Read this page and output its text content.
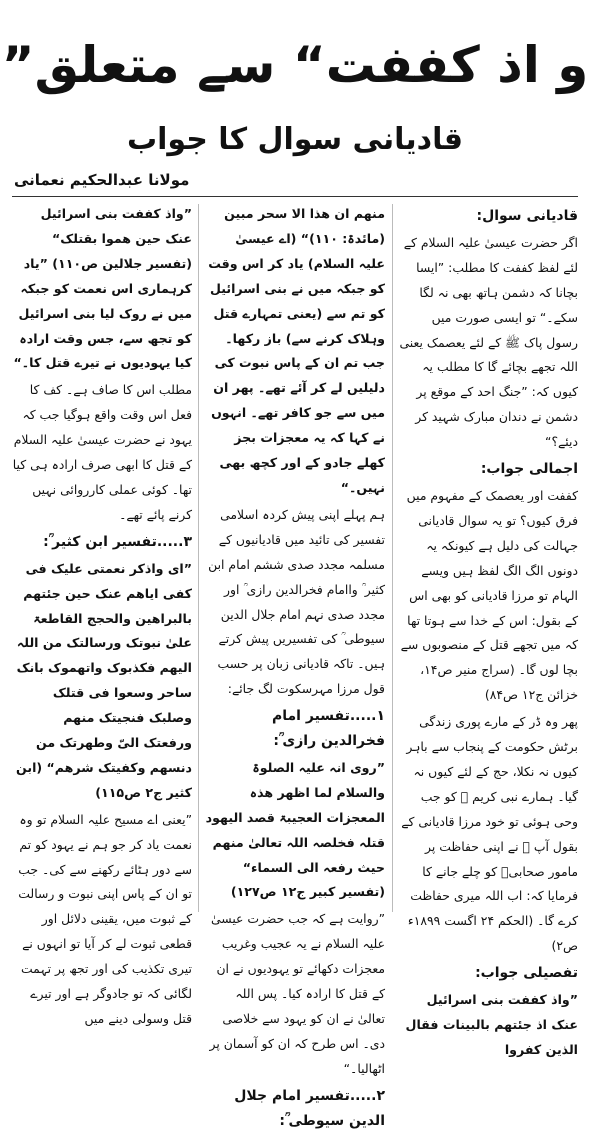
”و اذ کففت“ سے متعلق
قادیانی سوال کا جواب
مولانا عبدالحکیم نعمانی

قادیانی سوال:

اگر حضرت عیسیٰ علیہ السلام کے لئے لفظ کففت کا مطلب: ”ایسا بچانا کہ دشمن ہاتھ بھی نہ لگا سکے۔“ تو ایسی صورت میں رسول پاک ﷺ کے لئے یعصمک یعنی اللہ تجھے بچائے گا کا مطلب یہ کیوں کہ: ”جنگ احد کے موقع پر دشمن نے دندان مبارک شہید کر دیئے؟“

اجمالی جواب:

کففت اور یعصمک کے مفہوم میں فرق کیوں؟ تو یہ سوال قادیانی جہالت کی دلیل ہے کیونکہ یہ دونوں الگ الگ لفظ ہیں ویسے الہام تو مرزا قادیانی کو بھی اس کے بقول: اس کے خدا سے ہوتا تھا کہ میں تجھے قتل کے منصوبوں سے بچا لوں گا۔ (سراج منیر ص۱۴، خزائن ج۱۲ ص۸۴)

پھر وہ ڈر کے مارے پوری زندگی برٹش حکومت کے پنجاب سے باہر کیوں نہ نکلا، حج کے لئے کیوں نہ گیا۔ ہمارے نبی کریم ﷺ کو جب وحی ہوئی تو خود مرزا قادیانی کے بقول آپ ﷺ نے اپنی حفاظت پر مامور صحابیؓ کو چلے جانے کا فرمایا کہ: اب اللہ میری حفاظت کرے گا۔ (الحکم ۲۴ اگست ۱۸۹۹ء ص۲)

تفصیلی جواب:

”واذ کففت بنی اسرائیل عنک اذ جئتھم بالبینات فقال الذین کفروا

منھم ان ھذا الا سحر مبین (مائدۃ: ۱۱۰)“ (اے عیسیٰ علیہ السلام) یاد کر اس وقت کو جبکہ میں نے بنی اسرائیل کو تم سے (یعنی تمہارے قتل وہلاک کرنے سے) باز رکھا۔ جب تم ان کے پاس نبوت کی دلیلیں لے کر آئے تھے۔ پھر ان میں سے جو کافر تھے۔ انہوں نے کہا کہ یہ معجزات بجز کھلے جادو کے اور کچھ بھی نہیں۔“

ہم پہلے اپنی پیش کردہ اسلامی تفسیر کی تائید میں قادیانیوں کے مسلمہ مجدد صدی ششم امام ابن کثیر ؒ واامام فخرالدین رازی ؒ اور مجدد صدی نہم امام جلال الدین سیوطی ؒ کی تفسیریں پیش کرتے ہیں۔ تاکہ قادیانی زبان پر حسب قول مرزا مہرسکوت لگ جائے:

۱.....تفسیر امام فخرالدین رازی ؒ:

”روی انہ علیہ الصلوۃ والسلام لما اظھر ھذہ المعجزات العجیبۃ قصد الیھود قتلہ فخلصہ اللہ تعالیٰ منھم حیث رفعہ الی السماء“ (تفسیر کبیر ج۱۲ ص۱۲۷)

”روایت ہے کہ جب حضرت عیسیٰ علیہ السلام نے یہ عجیب وغریب معجزات دکھائے تو یہودیوں نے ان کے قتل کا ارادہ کیا۔ پس اللہ تعالیٰ نے ان کو یہود سے خلاصی دی۔ اس طرح کہ ان کو آسمان پر اٹھالیا۔“

۲.....تفسیر امام جلال الدین سیوطی ؒ:

”واذ کففت بنی اسرائیل عنک حین ھموا بقتلک“ (تفسیر جلالین ص۱۱۰) ”یاد کرہماری اس نعمت کو جبکہ میں نے روک لیا بنی اسرائیل کو تجھ سے، جس وقت ارادہ کیا یہودیوں نے تیرے قتل کا۔“

مطلب اس کا صاف ہے۔ کف کا فعل اس وقت واقع ہوگیا جب کہ یہود نے حضرت عیسیٰ علیہ السلام کے قتل کا ابھی صرف ارادہ ہی کیا تھا۔ کوئی عملی کارروائی نہیں کرنے پائے تھے۔

۳.....تفسیر ابن کثیر ؒ:

”ای واذکر نعمتی علیک فی کفی ایاھم عنک حین جئتھم بالبراھین والحجج القاطعۃ علیٰ نبوتک ورسالتک من اللہ الیھم فکذبوک واتھموک بانک ساحر وسعوا فی قتلک وصلبک فنجیتک منھم ورفعتک الیّ وطھرتک من دنسھم وکفیتک شرھم“ (ابن کثیر ج۲ ص۱۱۵)

”یعنی اے مسیح علیہ السلام تو وہ نعمت یاد کر جو ہم نے یہود کو تم سے دور ہٹائے رکھنے سے کی۔ جب تو ان کے پاس اپنی نبوت و رسالت کے ثبوت میں، یقینی دلائل اور قطعی ثبوت لے کر آیا تو انہوں نے تیری تکذیب کی اور تجھ پر تہمت لگائی کہ تو جادوگر ہے اور تیرے قتل وسولی دینے میں
